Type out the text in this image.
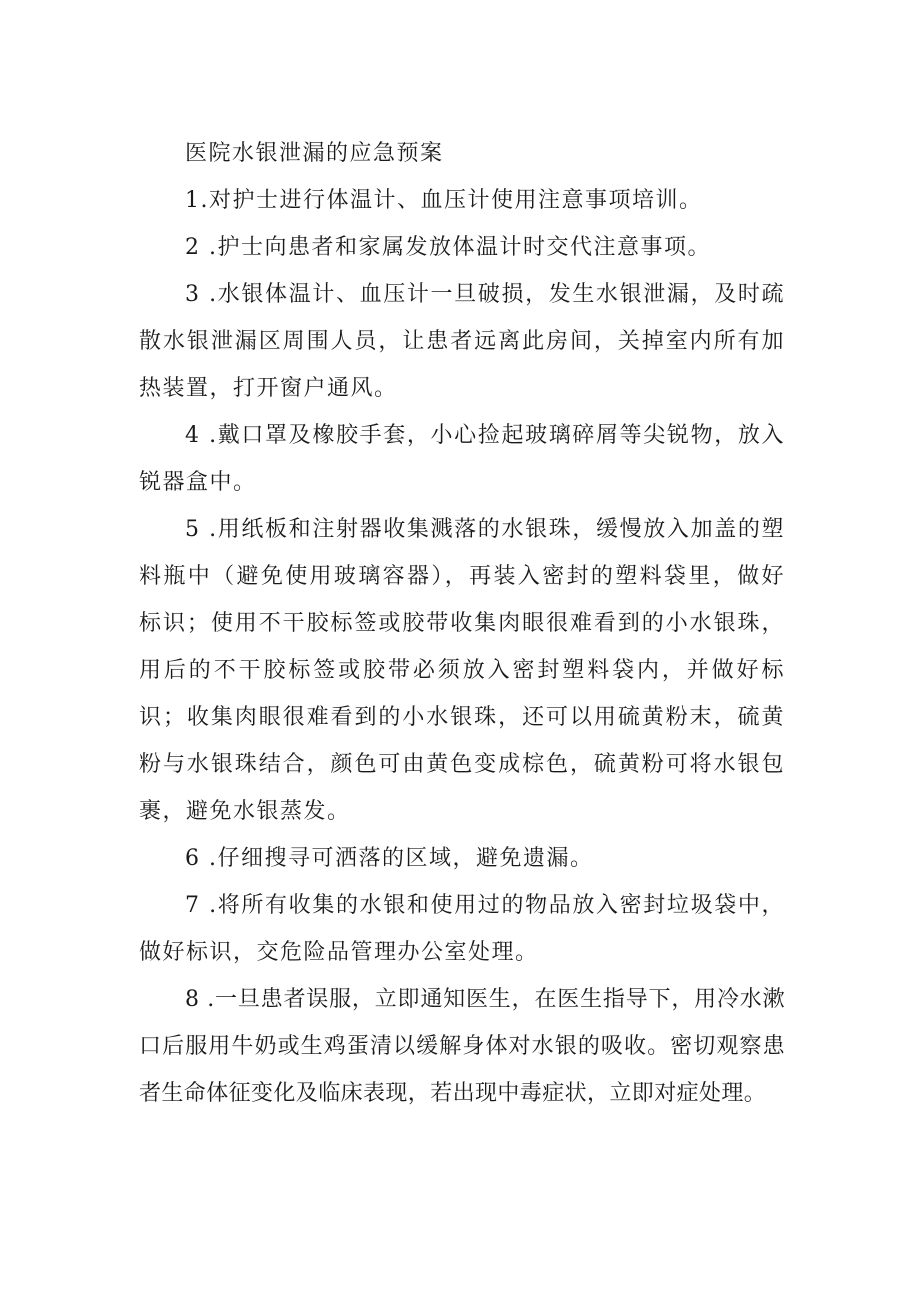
医院水银泄漏的应急预案

1.对护士进行体温计、血压计使用注意事项培训。

2 .护士向患者和家属发放体温计时交代注意事项。

3 .水银体温计、血压计一旦破损，发生水银泄漏，及时疏散水银泄漏区周围人员，让患者远离此房间，关掉室内所有加热装置，打开窗户通风。

4 .戴口罩及橡胶手套，小心捡起玻璃碎屑等尖锐物，放入锐器盒中。

5 .用纸板和注射器收集溅落的水银珠，缓慢放入加盖的塑料瓶中（避免使用玻璃容器），再装入密封的塑料袋里，做好标识；使用不干胶标签或胶带收集肉眼很难看到的小水银珠，用后的不干胶标签或胶带必须放入密封塑料袋内，并做好标识；收集肉眼很难看到的小水银珠，还可以用硫黄粉末，硫黄粉与水银珠结合，颜色可由黄色变成棕色，硫黄粉可将水银包裹，避免水银蒸发。

6 .仔细搜寻可洒落的区域，避免遗漏。

7 .将所有收集的水银和使用过的物品放入密封垃圾袋中，做好标识，交危险品管理办公室处理。

8 .一旦患者误服，立即通知医生，在医生指导下，用冷水漱口后服用牛奶或生鸡蛋清以缓解身体对水银的吸收。密切观察患者生命体征变化及临床表现，若出现中毒症状，立即对症处理。
